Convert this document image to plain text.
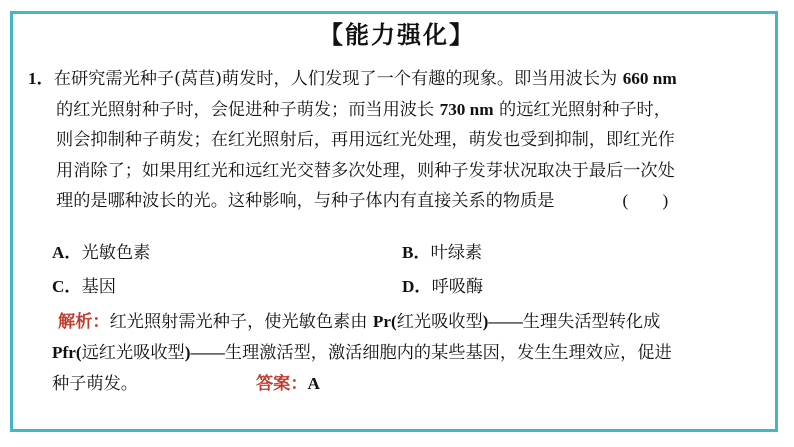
【能力强化】
1．在研究需光种子(莴苣)萌发时，人们发现了一个有趣的现象。即当用波长为 660 nm
的红光照射种子时，会促进种子萌发；而当用波长 730 nm 的远红光照射种子时，
则会抑制种子萌发；在红光照射后，再用远红光处理，萌发也受到抑制，即红光作
用消除了；如果用红光和远红光交替多次处理，则种子发芽状况取决于最后一次处
理的是哪种波长的光。这种影响，与种子体内有直接关系的物质是	(　　)
A．光敏色素	B．叶绿素
C．基因	D．呼吸酶
解析：红光照射需光种子，使光敏色素由 Pr(红光吸收型)——生理失活型转化成
Pfr(远红光吸收型)——生理激活型，激活细胞内的某些基因，发生生理效应，促进
种子萌发。	答案：A
